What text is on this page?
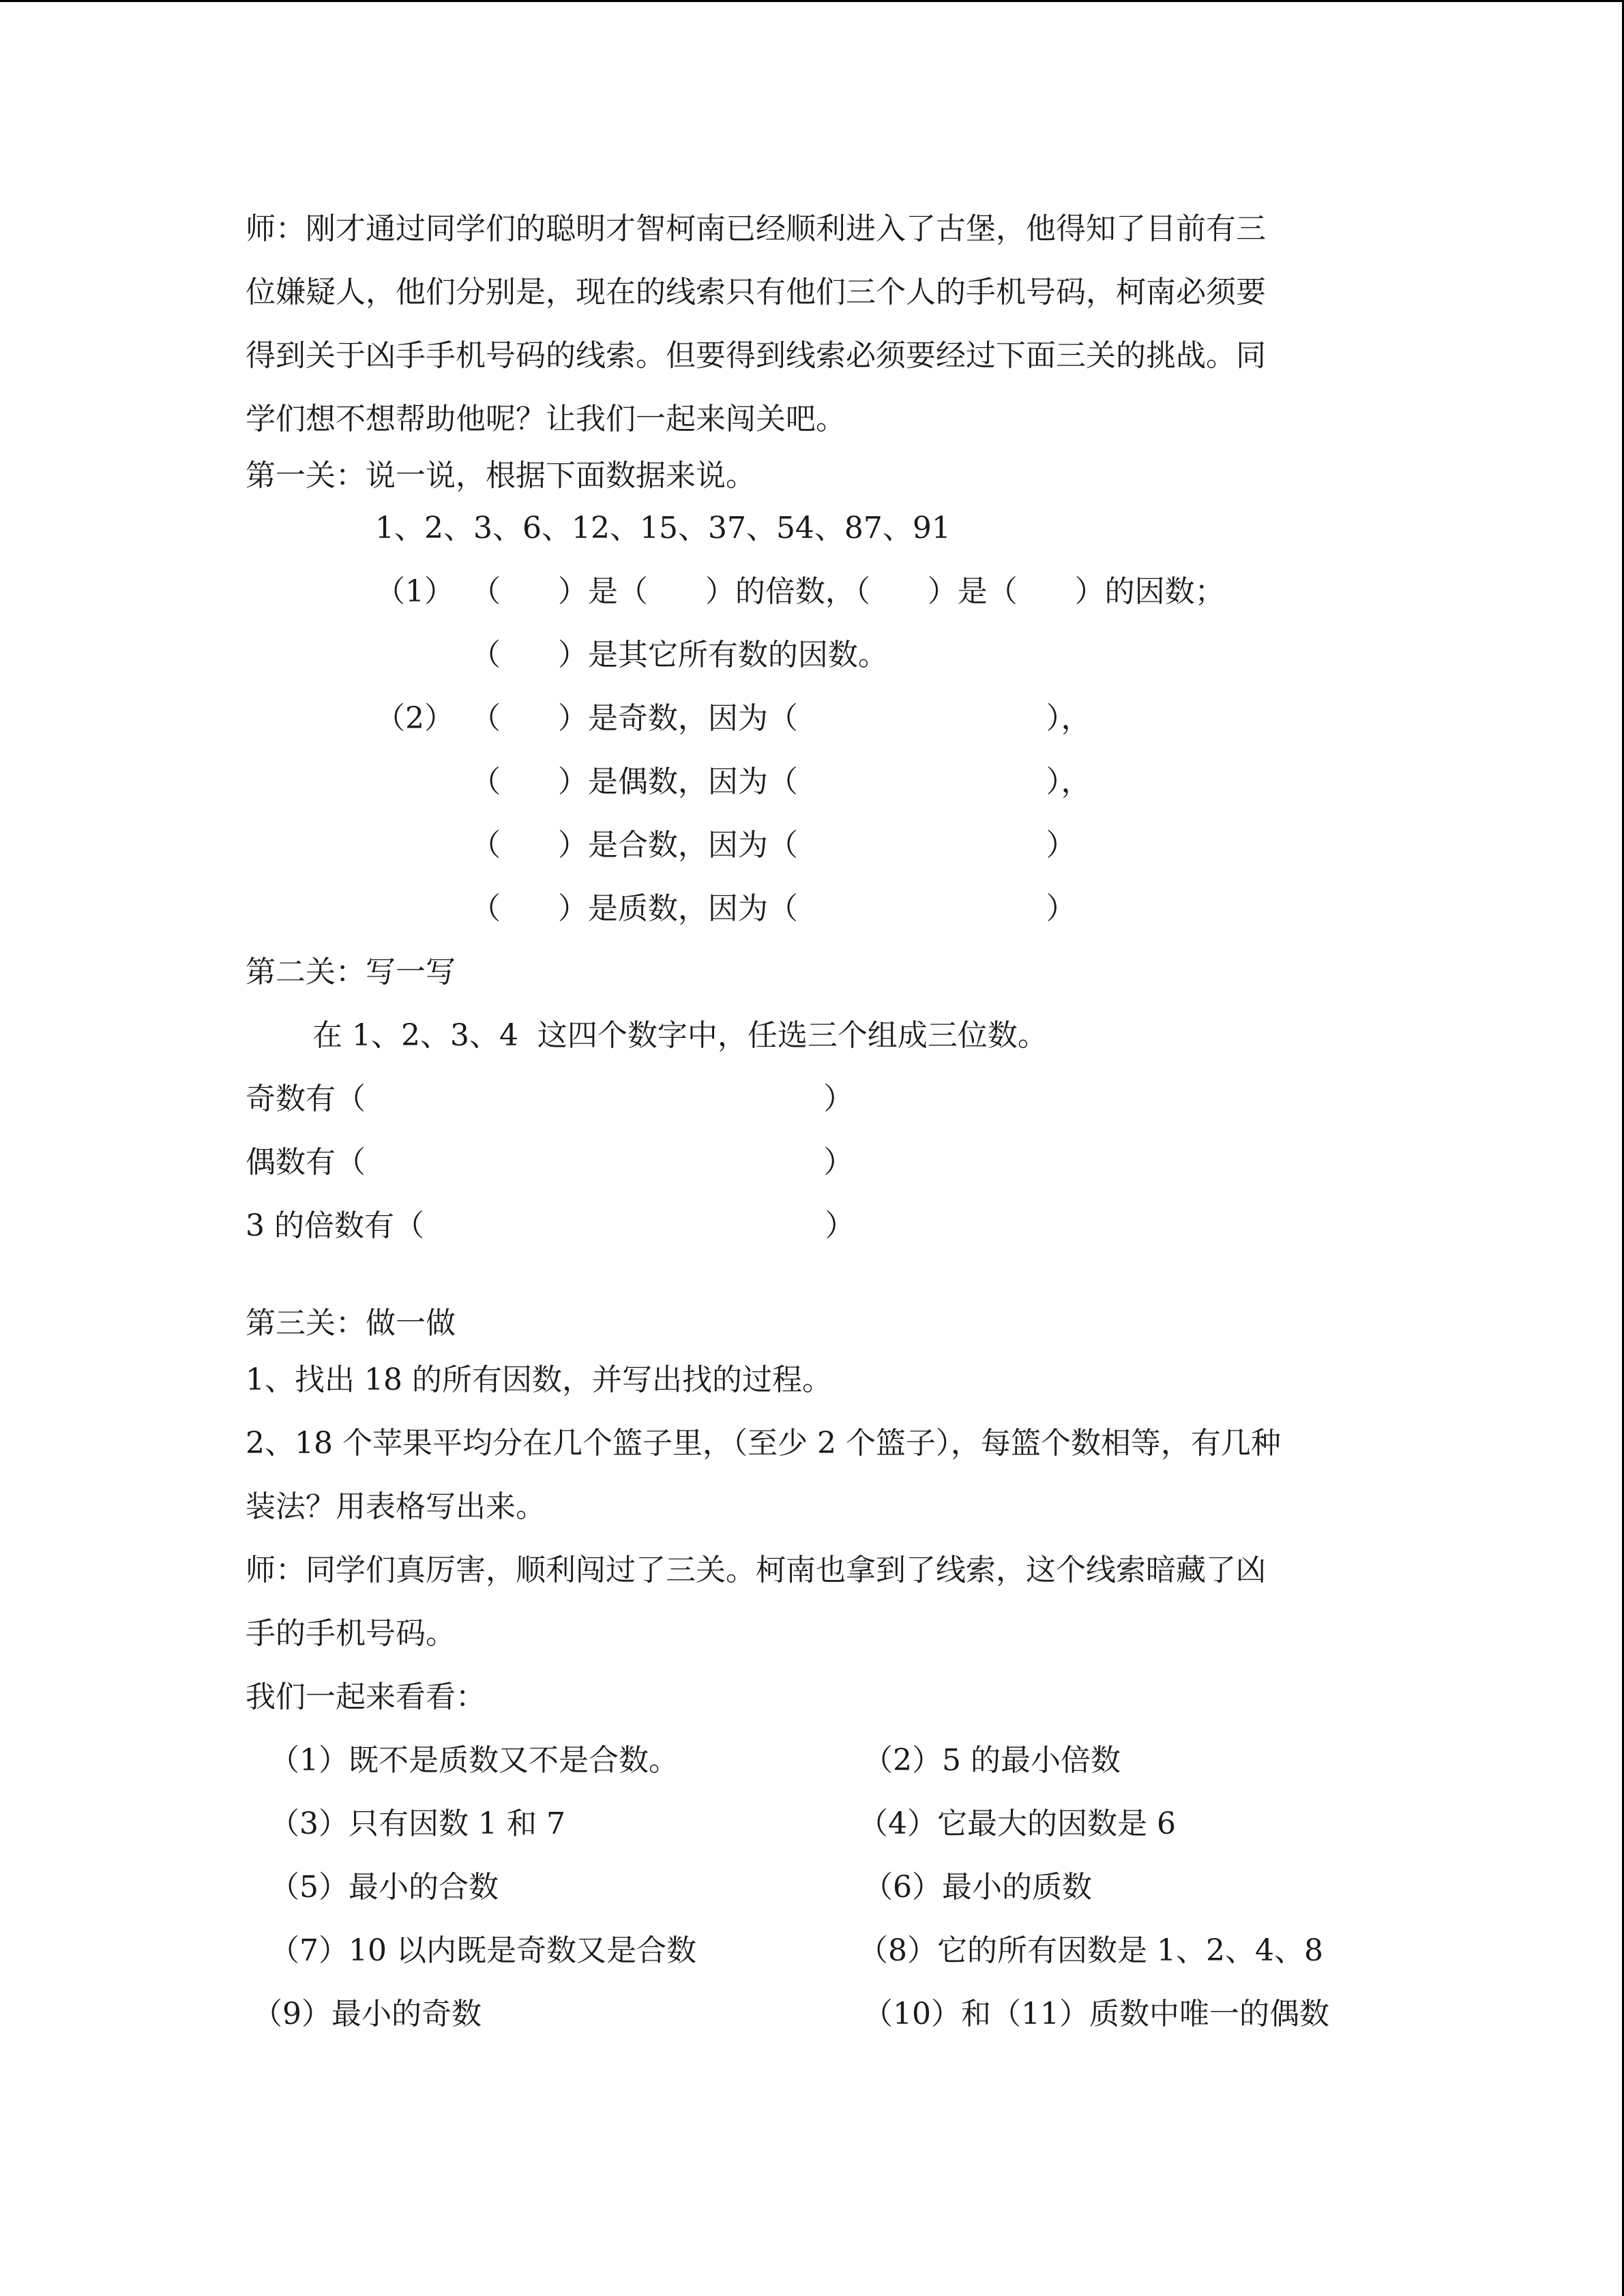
师：刚才通过同学们的聪明才智柯南已经顺利进入了古堡，他得知了目前有三
位嫌疑人，他们分别是，现在的线索只有他们三个人的手机号码，柯南必须要
得到关于凶手手机号码的线索。但要得到线索必须要经过下面三关的挑战。同
学们想不想帮助他呢？让我们一起来闯关吧。
第一关：说一说，根据下面数据来说。
1、2、3、6、12、15、37、54、87、91
（1） （      ）是（      ）的倍数，（      ）是（      ）的因数；
（      ）是其它所有数的因数。
（2） （      ）是奇数，因为（                          ），
（      ）是偶数，因为（                          ），
（      ）是合数，因为（                          ）
（      ）是质数，因为（                          ）
第二关：写一写
在 1、2、3、4  这四个数字中，任选三个组成三位数。
奇数有（                                                ）
偶数有（                                                ）
3 的倍数有（                                          ）
第三关：做一做
1、找出 18 的所有因数，并写出找的过程。
2、18 个苹果平均分在几个篮子里，（至少 2 个篮子），每篮个数相等，有几种
装法？用表格写出来。
师：同学们真厉害，顺利闯过了三关。柯南也拿到了线索，这个线索暗藏了凶
手的手机号码。
我们一起来看看：
（1）既不是质数又不是合数。	（2）5 的最小倍数
（3）只有因数 1 和 7	（4）它最大的因数是 6
（5）最小的合数	（6）最小的质数
（7）10 以内既是奇数又是合数	（8）它的所有因数是 1、2、4、8
（9）最小的奇数	（10）和（11）质数中唯一的偶数
